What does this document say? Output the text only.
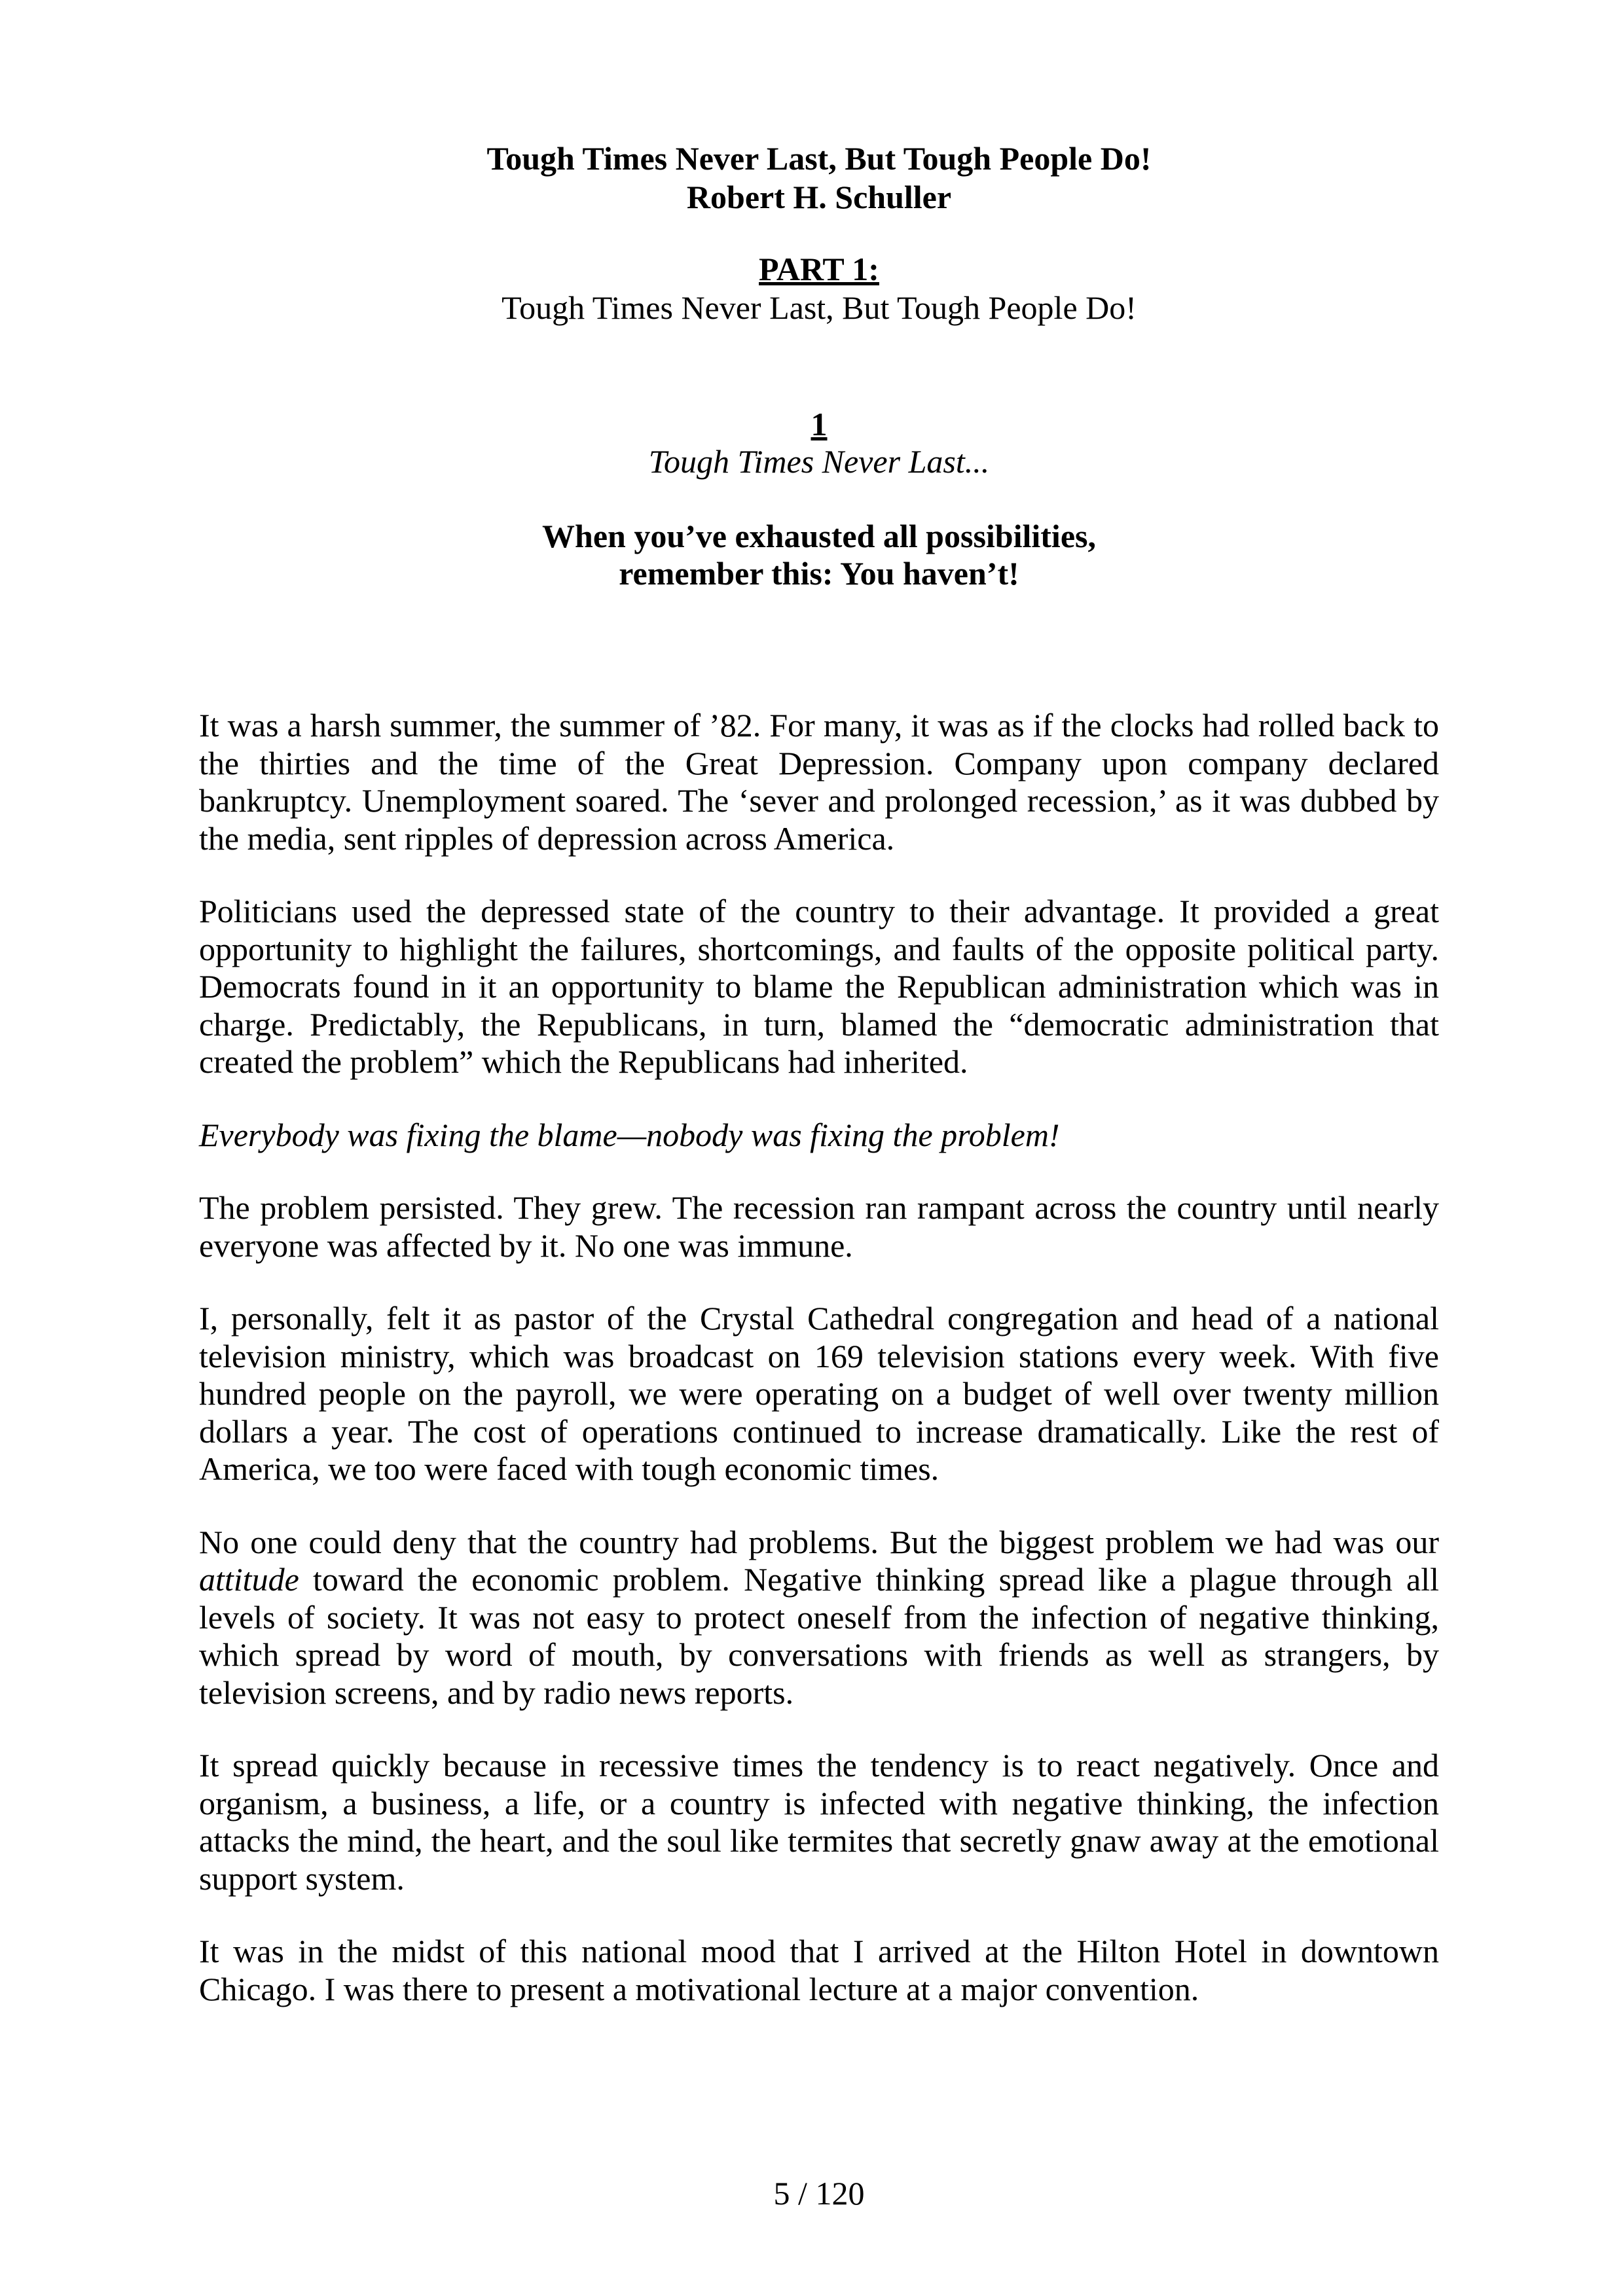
Tough Times Never Last, But Tough People Do!
Robert H. Schuller
PART 1:
Tough Times Never Last, But Tough People Do!
1
Tough Times Never Last...
When you’ve exhausted all possibilities,
remember this: You haven’t!

It was a harsh summer, the summer of ’82. For many, it was as if the clocks had rolled back to the thirties and the time of the Great Depression. Company upon company declared bankruptcy. Unemployment soared. The ‘sever and prolonged recession,’ as it was dubbed by the media, sent ripples of depression across America.

Politicians used the depressed state of the country to their advantage. It provided a great opportunity to highlight the failures, shortcomings, and faults of the opposite political party. Democrats found in it an opportunity to blame the Republican administration which was in charge. Predictably, the Republicans, in turn, blamed the “democratic administration that created the problem” which the Republicans had inherited.

Everybody was fixing the blame—nobody was fixing the problem!

The problem persisted. They grew. The recession ran rampant across the country until nearly everyone was affected by it. No one was immune.

I, personally, felt it as pastor of the Crystal Cathedral congregation and head of a national television ministry, which was broadcast on 169 television stations every week. With five hundred people on the payroll, we were operating on a budget of well over twenty million dollars a year. The cost of operations continued to increase dramatically. Like the rest of America, we too were faced with tough economic times.

No one could deny that the country had problems. But the biggest problem we had was our attitude toward the economic problem. Negative thinking spread like a plague through all levels of society. It was not easy to protect oneself from the infection of negative thinking, which spread by word of mouth, by conversations with friends as well as strangers, by television screens, and by radio news reports.

It spread quickly because in recessive times the tendency is to react negatively. Once and organism, a business, a life, or a country is infected with negative thinking, the infection attacks the mind, the heart, and the soul like termites that secretly gnaw away at the emotional support system.

It was in the midst of this national mood that I arrived at the Hilton Hotel in downtown Chicago. I was there to present a motivational lecture at a major convention.

5 / 120
